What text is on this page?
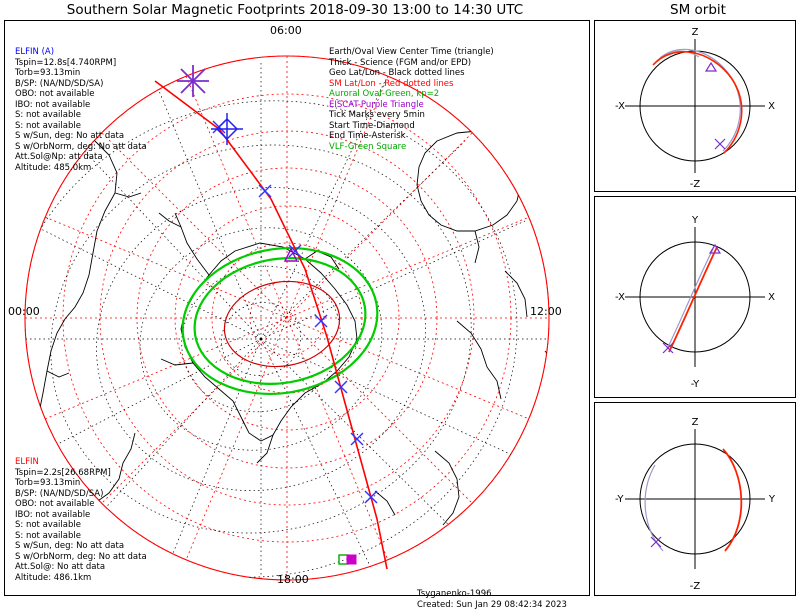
Southern Solar Magnetic Footprints 2018-09-30 13:00 to 14:30 UTC	SM orbit
ELFIN (A)
Tspin=12.8s[4.740RPM]
Torb=93.13min
B/SP: (NA/ND/SD/SA)
OBO: not available
IBO: not available
S: not available
S: not available
S w/Sun, deg: No att data
S w/OrbNorm, deg: No att data
Att.Sol@Np: att data
Altitude: 485.0km
ELFIN
Tspin=2.2s[26.68RPM]
Torb=93.13min
B/SP: (NA/ND/SD/SA)
OBO: not available
IBO: not available
S: not available
S: not available
S w/Sun, deg: No att data
S w/OrbNorm, deg: No att data
Att.Sol@: No att data
Altitude: 486.1km
Earth/Oval View Center Time (triangle)
Thick - Science (FGM and/or EPD)
Geo Lat/Lon - Black dotted lines
SM Lat/Lon - Red dotted lines
Auroral Oval-Green, kp=2
EISCAT-Purple Triangle
Tick Marks every 5min
Start Time-Diamond
End Time-Asterisk
VLF-Green Square
Tsyganenko-1996
Created: Sun Jan 29 08:42:34 2023
06:00
12:00
18:00
00:00
Z
-Z
-X	X
Y
-Y
-X	X
Z
-Z
-Y	Y
